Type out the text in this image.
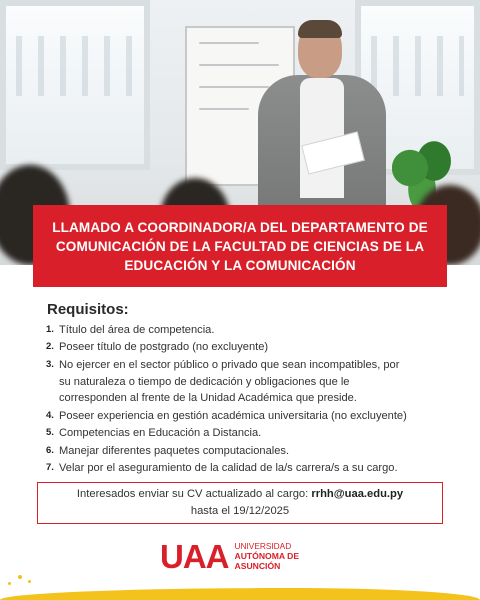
LLAMADO A COORDINADOR/A DEL DEPARTAMENTO DE
COMUNICACIÓN DE LA FACULTAD DE CIENCIAS DE LA
EDUCACIÓN Y LA COMUNICACIÓN
Requisitos:
1. Título del área de competencia.
2. Poseer título de postgrado (no excluyente)
3. No ejercer en el sector público o privado que sean incompatibles, por
su naturaleza o tiempo de dedicación y obligaciones que le
corresponden al frente de la Unidad Académica que preside.
4. Poseer experiencia en gestión académica universitaria (no excluyente)
5. Competencias en Educación a Distancia.
6. Manejar diferentes paquetes computacionales.
7. Velar por el aseguramiento de la calidad de la/s carrera/s a su cargo.
Interesados enviar su CV actualizado al cargo: rrhh@uaa.edu.py
hasta el 19/12/2025
UAA UNIVERSIDAD
AUTÓNOMA DE
ASUNCIÓN
